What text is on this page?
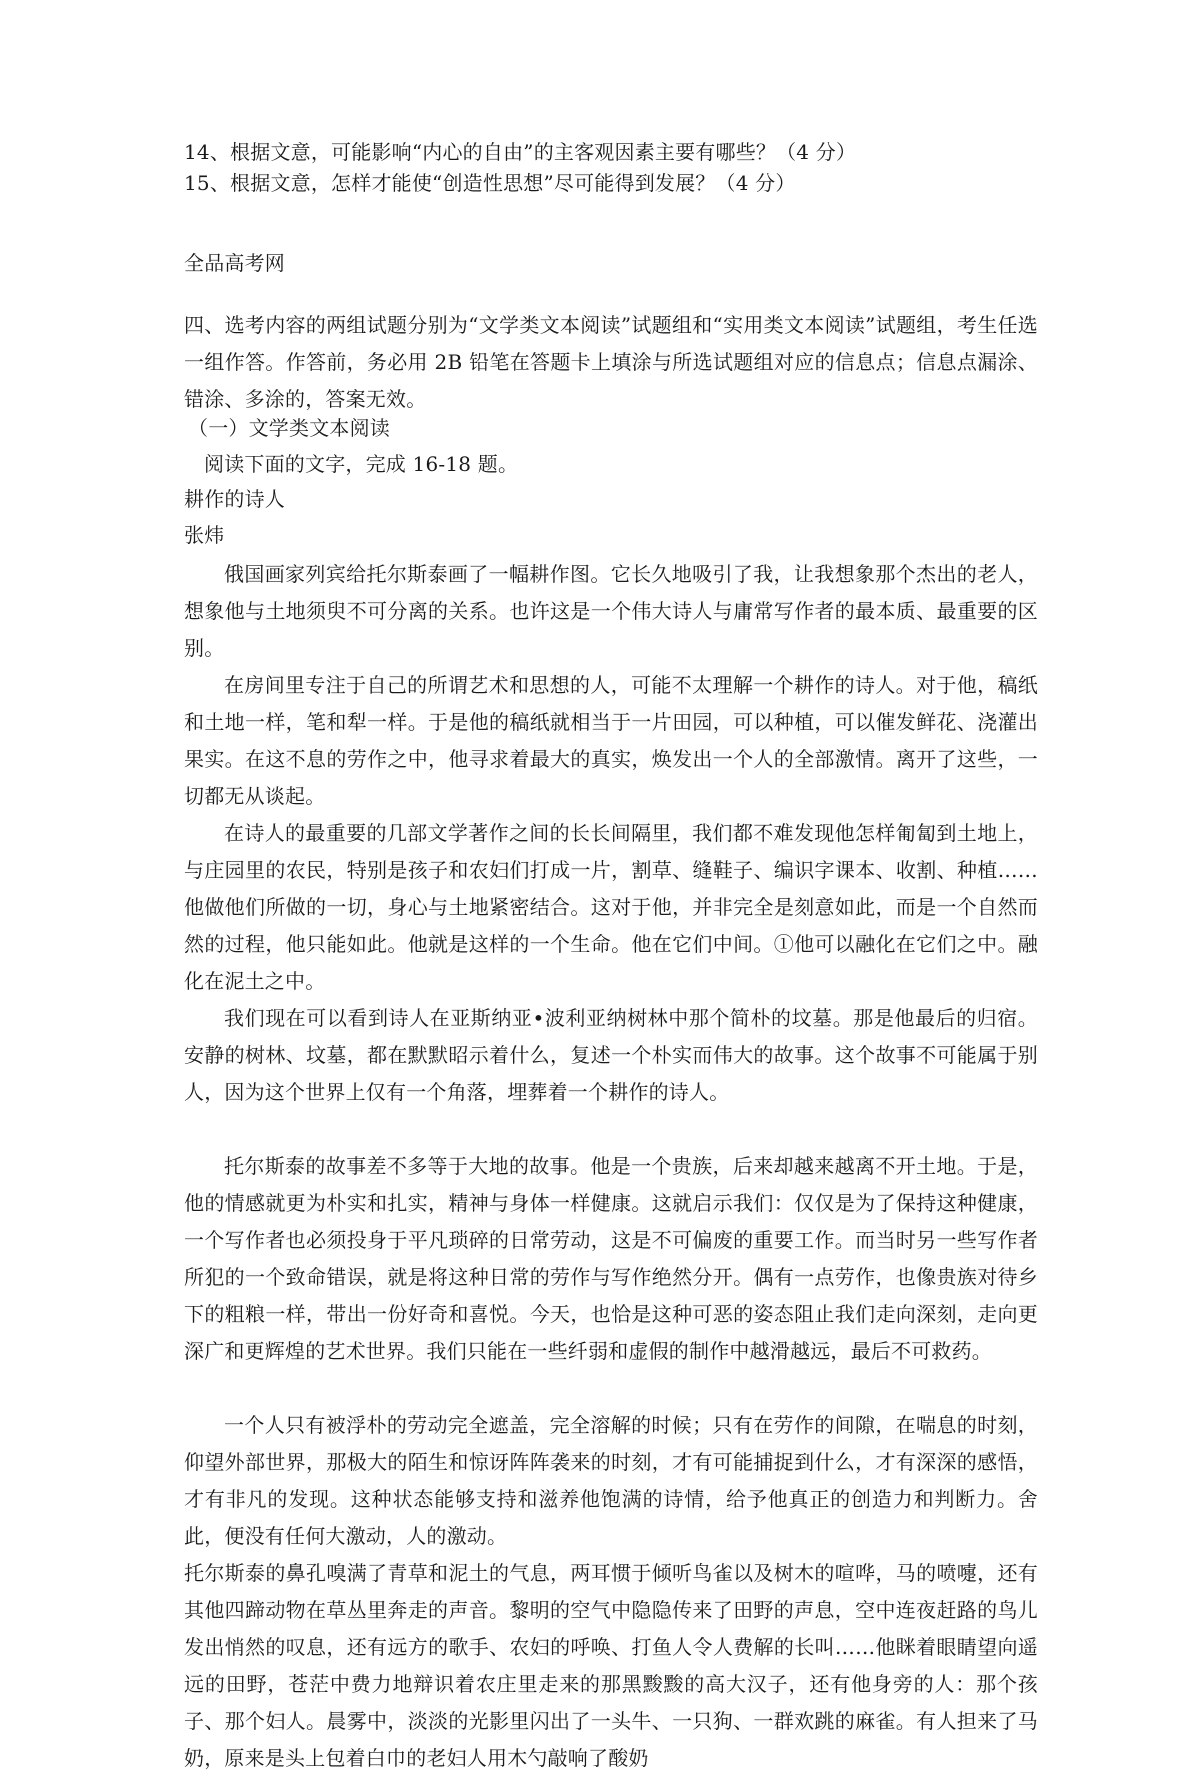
14、根据文意，可能影响“内心的自由”的主客观因素主要有哪些？（4 分）
15、根据文意，怎样才能使“创造性思想”尽可能得到发展？（4 分）
全品高考网
四、选考内容的两组试题分别为“文学类文本阅读”试题组和“实用类文本阅读”试题组，考生任选一组作答。作答前，务必用 2B 铅笔在答题卡上填涂与所选试题组对应的信息点；信息点漏涂、错涂、多涂的，答案无效。
（一）文学类文本阅读
阅读下面的文字，完成 16-18 题。
耕作的诗人
张炜
俄国画家列宾给托尔斯泰画了一幅耕作图。它长久地吸引了我，让我想象那个杰出的老人，想象他与土地须臾不可分离的关系。也许这是一个伟大诗人与庸常写作者的最本质、最重要的区别。
在房间里专注于自己的所谓艺术和思想的人，可能不太理解一个耕作的诗人。对于他，稿纸和土地一样，笔和犁一样。于是他的稿纸就相当于一片田园，可以种植，可以催发鲜花、浇灌出果实。在这不息的劳作之中，他寻求着最大的真实，焕发出一个人的全部激情。离开了这些，一切都无从谈起。
在诗人的最重要的几部文学著作之间的长长间隔里，我们都不难发现他怎样匍匐到土地上，与庄园里的农民，特别是孩子和农妇们打成一片，割草、缝鞋子、编识字课本、收割、种植……他做他们所做的一切，身心与土地紧密结合。这对于他，并非完全是刻意如此，而是一个自然而然的过程，他只能如此。他就是这样的一个生命。他在它们中间。①他可以融化在它们之中。融化在泥土之中。
我们现在可以看到诗人在亚斯纳亚•波利亚纳树林中那个简朴的坟墓。那是他最后的归宿。安静的树林、坟墓，都在默默昭示着什么，复述一个朴实而伟大的故事。这个故事不可能属于别人，因为这个世界上仅有一个角落，埋葬着一个耕作的诗人。
托尔斯泰的故事差不多等于大地的故事。他是一个贵族，后来却越来越离不开土地。于是，他的情感就更为朴实和扎实，精神与身体一样健康。这就启示我们：仅仅是为了保持这种健康，一个写作者也必须投身于平凡琐碎的日常劳动，这是不可偏废的重要工作。而当时另一些写作者所犯的一个致命错误，就是将这种日常的劳作与写作绝然分开。偶有一点劳作，也像贵族对待乡下的粗粮一样，带出一份好奇和喜悦。今天，也恰是这种可恶的姿态阻止我们走向深刻，走向更深广和更辉煌的艺术世界。我们只能在一些纤弱和虚假的制作中越滑越远，最后不可救药。
一个人只有被浮朴的劳动完全遮盖，完全溶解的时候；只有在劳作的间隙，在喘息的时刻，仰望外部世界，那极大的陌生和惊讶阵阵袭来的时刻，才有可能捕捉到什么，才有深深的感悟，才有非凡的发现。这种状态能够支持和滋养他饱满的诗情，给予他真正的创造力和判断力。舍此，便没有任何大激动，人的激动。
托尔斯泰的鼻孔嗅满了青草和泥土的气息，两耳惯于倾听鸟雀以及树木的喧哗，马的喷嚏，还有其他四蹄动物在草丛里奔走的声音。黎明的空气中隐隐传来了田野的声息，空中连夜赶路的鸟儿发出悄然的叹息，还有远方的歌手、农妇的呼唤、打鱼人令人费解的长叫……他眯着眼睛望向遥远的田野，苍茫中费力地辩识着农庄里走来的那黑黢黢的高大汉子，还有他身旁的人：那个孩子、那个妇人。晨雾中，淡淡的光影里闪出了一头牛、一只狗、一群欢跳的麻雀。有人担来了马奶，原来是头上包着白巾的老妇人用木勺敲响了酸奶
